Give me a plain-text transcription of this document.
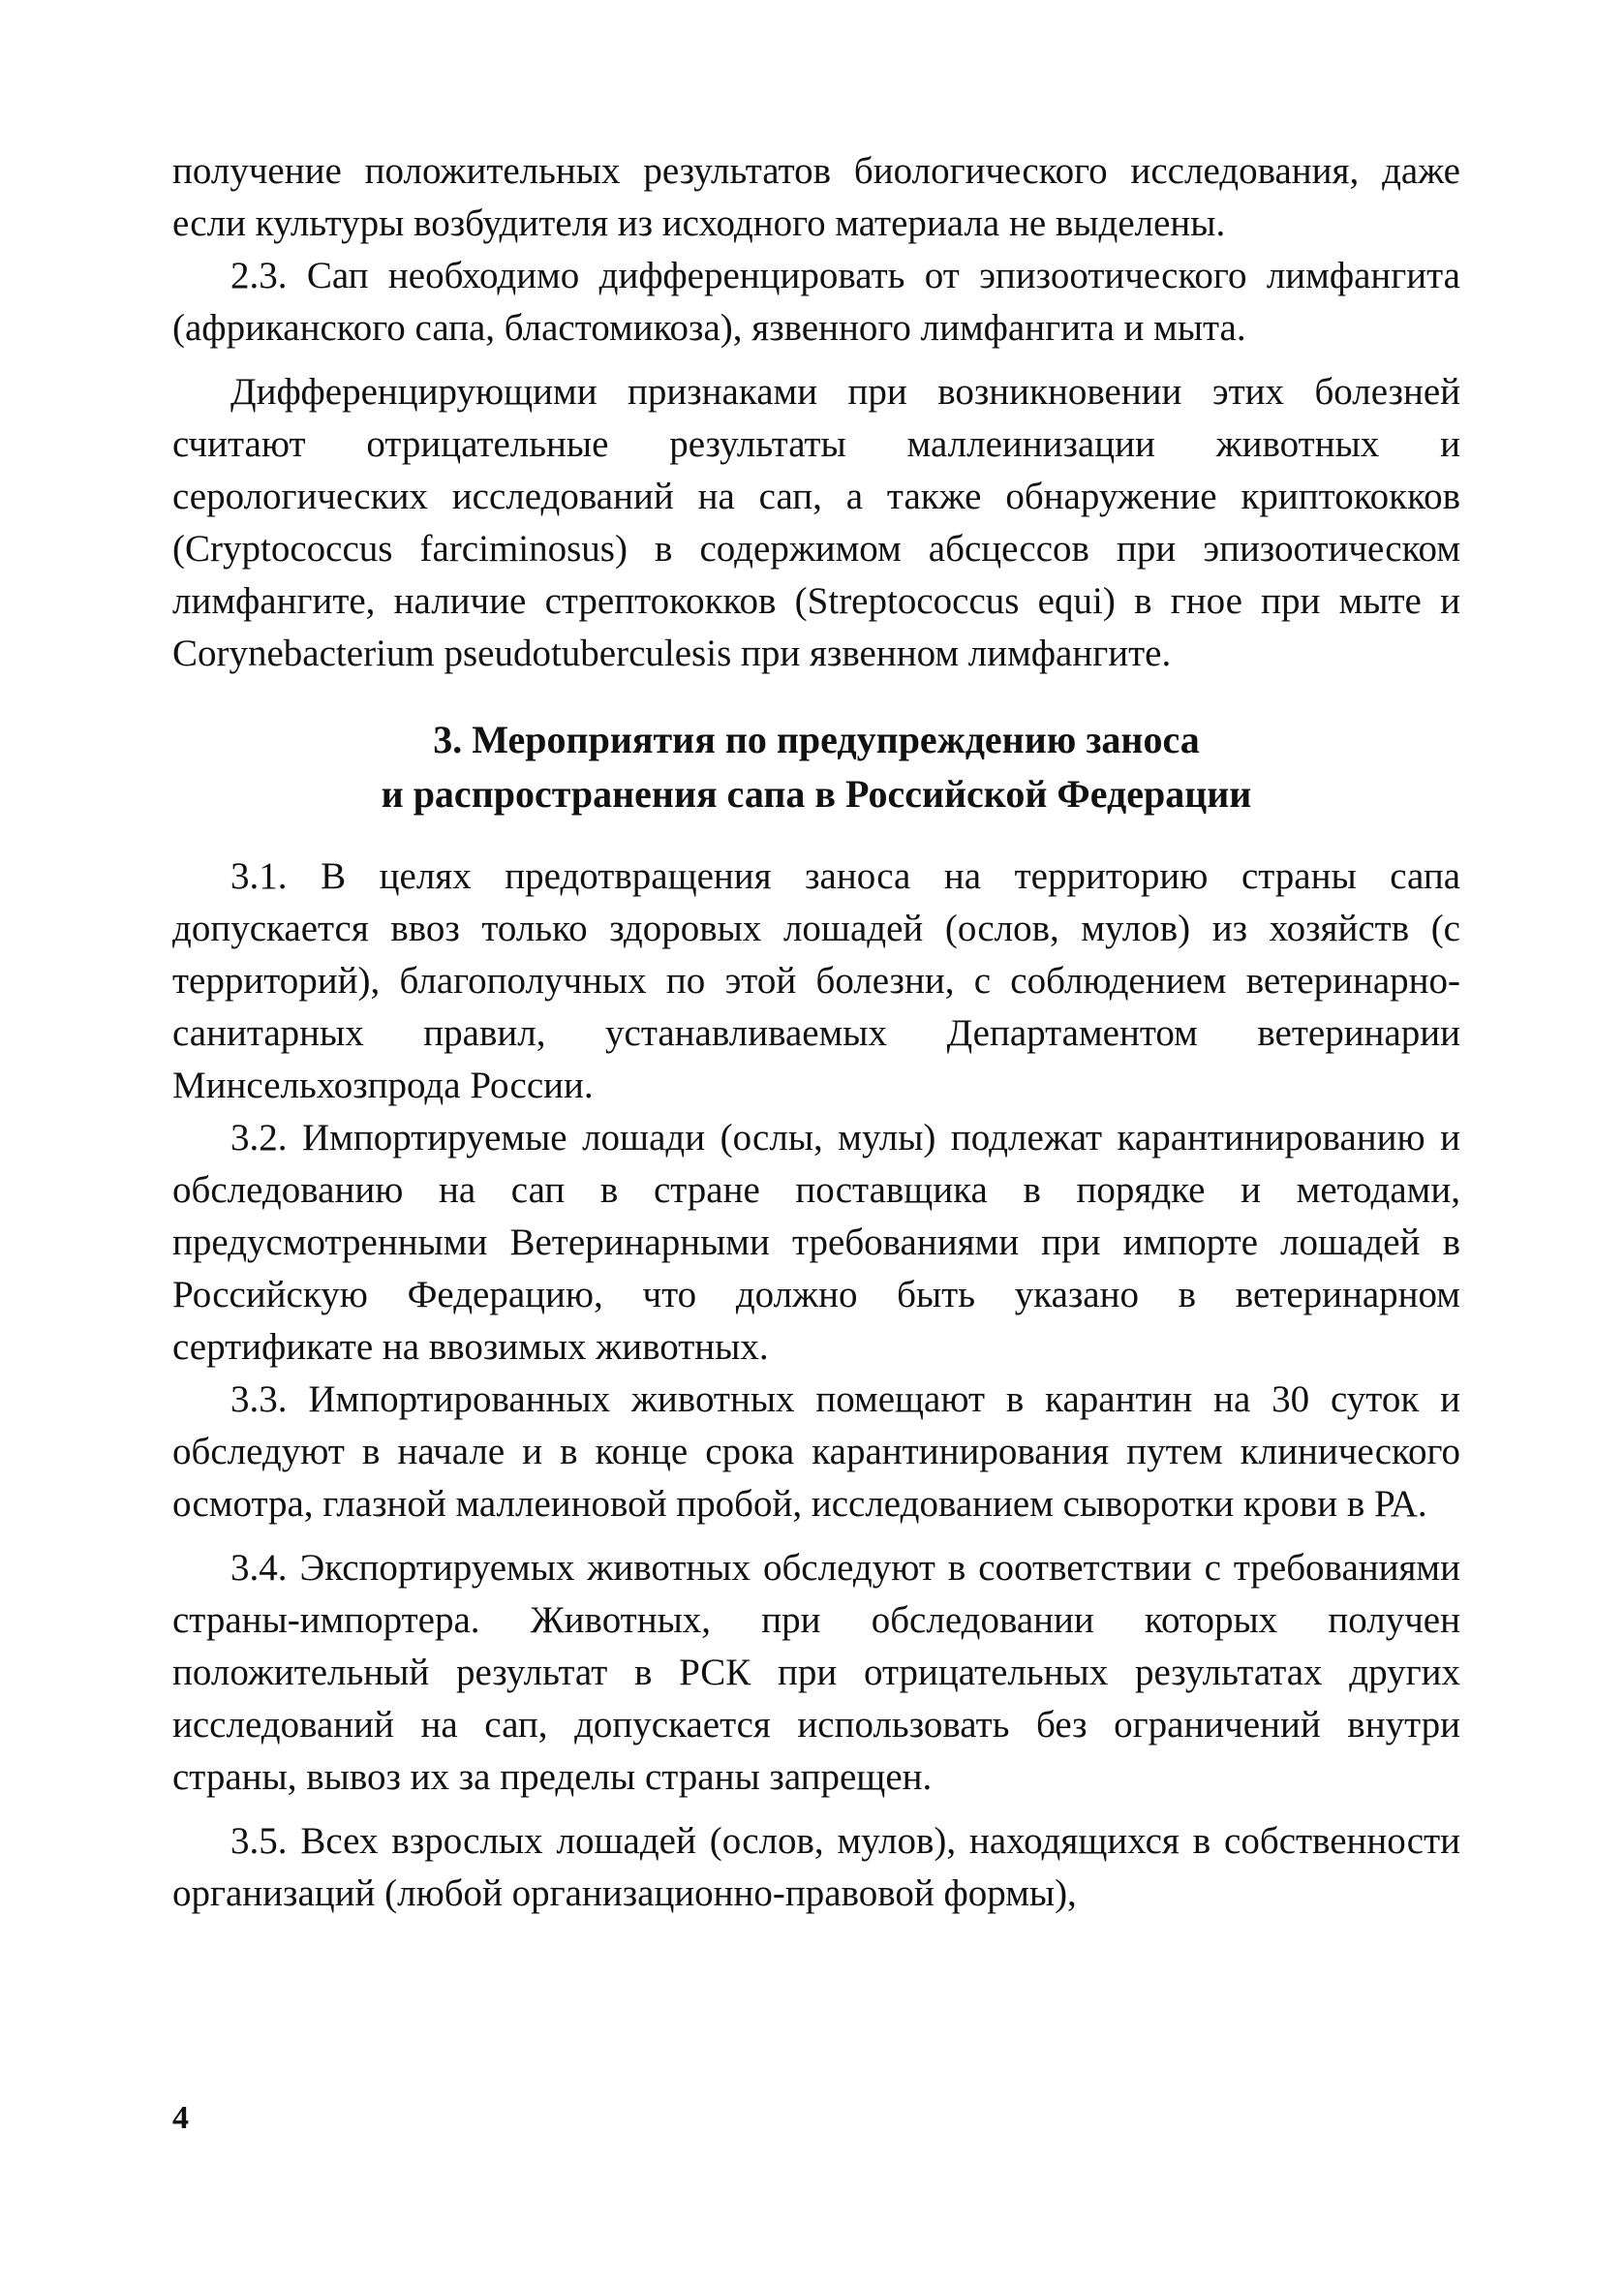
получение положительных результатов биологического исследования, даже если культуры возбудителя из исходного материала не выделены.

2.3. Сап необходимо дифференцировать от эпизоотического лимфангита (африканского сапа, бластомикоза), язвенного лимфангита и мыта.

Дифференцирующими признаками при возникновении этих болезней считают отрицательные результаты маллеинизации животных и серологических исследований на сап, а также обнаружение криптококков (Cryptococcus farciminosus) в содержимом абсцессов при эпизоотическом лимфангите, наличие стрептококков (Streptococcus equi) в гное при мыте и Corynebacterium pseudotuberculesis при язвенном лимфангите.

3. Мероприятия по предупреждению заноса
и распространения сапа в Российской Федерации

3.1. В целях предотвращения заноса на территорию страны сапа допускается ввоз только здоровых лошадей (ослов, мулов) из хозяйств (с территорий), благополучных по этой болезни, с соблюдением ветеринарно-санитарных правил, устанавливаемых Департаментом ветеринарии Минсельхозпрода России.

3.2. Импортируемые лошади (ослы, мулы) подлежат карантинированию и обследованию на сап в стране поставщика в порядке и методами, предусмотренными Ветеринарными требованиями при импорте лошадей в Российскую Федерацию, что должно быть указано в ветеринарном сертификате на ввозимых животных.

3.3. Импортированных животных помещают в карантин на 30 суток и обследуют в начале и в конце срока карантинирования путем клинического осмотра, глазной маллеиновой пробой, исследованием сыворотки крови в РА.

3.4. Экспортируемых животных обследуют в соответствии с требованиями страны-импортера. Животных, при обследовании которых получен положительный результат в РСК при отрицательных результатах других исследований на сап, допускается использовать без ограничений внутри страны, вывоз их за пределы страны запрещен.

3.5. Всех взрослых лошадей (ослов, мулов), находящихся в собственности организаций (любой организационно-правовой формы),

4
